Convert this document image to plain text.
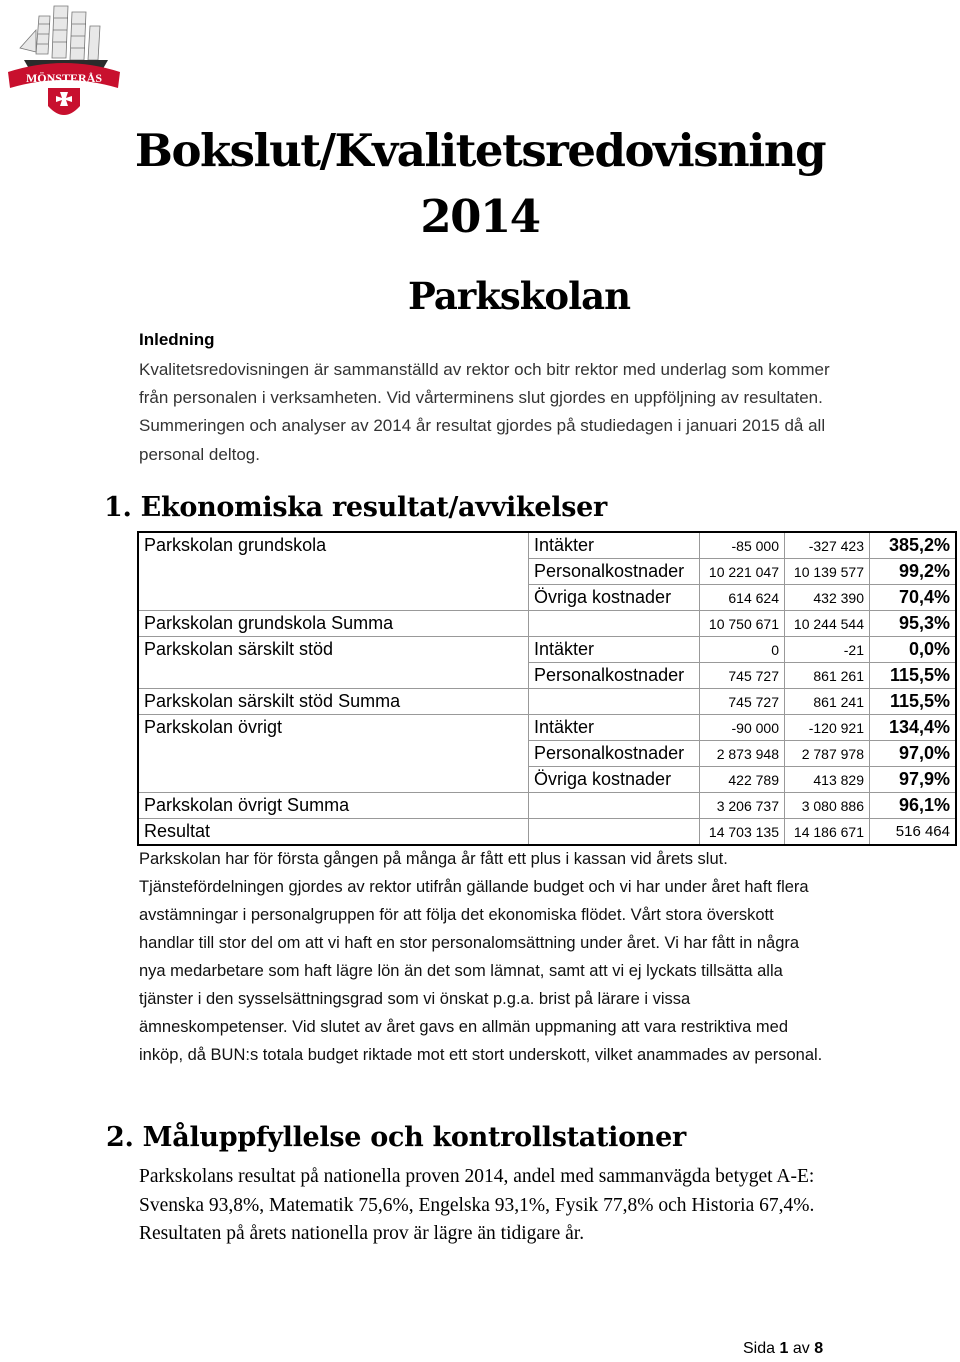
MÖNSTERÅS
Bokslut/Kvalitetsredovisning
2014
Parkskolan
Inledning
Kvalitetsredovisningen är sammanställd av rektor och bitr rektor med underlag som kommer från personalen i verksamheten. Vid vårterminens slut gjordes en uppföljning av resultaten. Summeringen och analyser av 2014 år resultat gjordes på studiedagen i januari 2015 då all personal deltog.
1. Ekonomiska resultat/avvikelser
Parkskolan grundskola	Intäkter	-85 000	-327 423	385,2%
	Personalkostnader	10 221 047	10 139 577	99,2%
	Övriga kostnader	614 624	432 390	70,4%
Parkskolan grundskola Summa		10 750 671	10 244 544	95,3%
Parkskolan särskilt stöd	Intäkter	0	-21	0,0%
	Personalkostnader	745 727	861 261	115,5%
Parkskolan särskilt stöd Summa		745 727	861 241	115,5%
Parkskolan övrigt	Intäkter	-90 000	-120 921	134,4%
	Personalkostnader	2 873 948	2 787 978	97,0%
	Övriga kostnader	422 789	413 829	97,9%
Parkskolan övrigt Summa		3 206 737	3 080 886	96,1%
Resultat		14 703 135	14 186 671	516 464
Parkskolan har för första gången på många år fått ett plus i kassan vid årets slut. Tjänstefördelningen gjordes av rektor utifrån gällande budget och vi har under året haft flera avstämningar i personalgruppen för att följa det ekonomiska flödet. Vårt stora överskott handlar till stor del om att vi haft en stor personalomsättning under året. Vi har fått in några nya medarbetare som haft lägre lön än det som lämnat, samt att vi ej lyckats tillsätta alla tjänster i den sysselsättningsgrad som vi önskat p.g.a. brist på lärare i vissa ämneskompetenser. Vid slutet av året gavs en allmän uppmaning att vara restriktiva med inköp, då BUN:s totala budget riktade mot ett stort underskott, vilket anammades av personal.
2. Måluppfyllelse och kontrollstationer
Parkskolans resultat på nationella proven 2014, andel med sammanvägda betyget A-E: Svenska 93,8%, Matematik 75,6%, Engelska 93,1%, Fysik 77,8% och Historia 67,4%. Resultaten på årets nationella prov är lägre än tidigare år.
Sida 1 av 8
